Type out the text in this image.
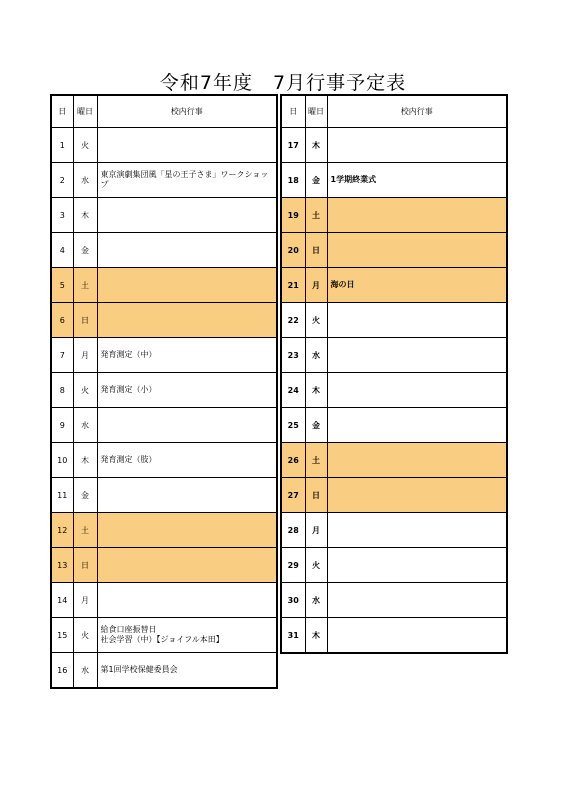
令和7年度　7月行事予定表
日	曜日	校内行事
1	火	
2	水	東京演劇集団風「星の王子さま」ワークショップ
3	木	
4	金	
5	土	
6	日	
7	月	発育測定（中）
8	火	発育測定（小）
9	水	
10	木	発育測定（肢）
11	金	
12	土	
13	日	
14	月	
15	火	給食口座振替日
社会学習（中）【ジョイフル本田】
16	水	第1回学校保健委員会
日	曜日	校内行事
17	木	
18	金	1学期終業式
19	土	
20	日	
21	月	海の日
22	火	
23	水	
24	木	
25	金	
26	土	
27	日	
28	月	
29	火	
30	水	
31	木	
